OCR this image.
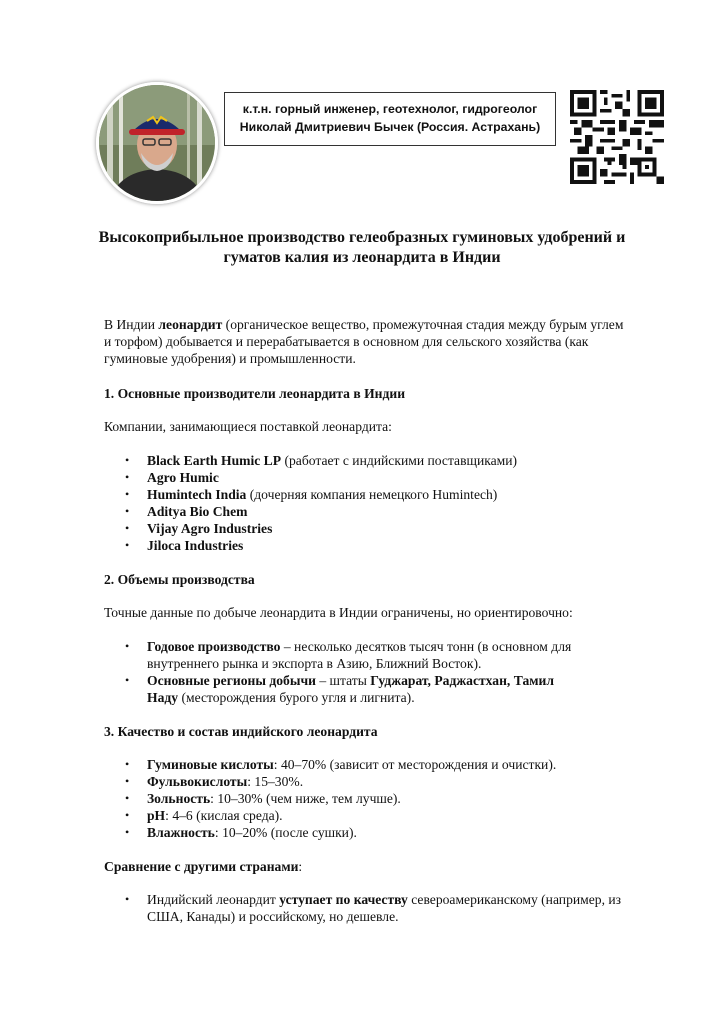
к.т.н. горный инженер, геотехнолог, гидрогеолог
Николай Дмитриевич Бычек (Россия. Астрахань)
Высокоприбыльное производство гелеобразных гуминовых удобрений и
гуматов калия из леонардита в Индии

В Индии леонардит (органическое вещество, промежуточная стадия между бурым углем
и торфом) добывается и перерабатывается в основном для сельского хозяйства (как
гуминовые удобрения) и промышленности.

1. Основные производители леонардита в Индии

Компании, занимающиеся поставкой леонардита:

• Black Earth Humic LP (работает с индийскими поставщиками)
• Agro Humic
• Humintech India (дочерняя компания немецкого Humintech)
• Aditya Bio Chem
• Vijay Agro Industries
• Jiloca Industries

2. Объемы производства

Точные данные по добыче леонардита в Индии ограничены, но ориентировочно:

• Годовое производство – несколько десятков тысяч тонн (в основном для
внутреннего рынка и экспорта в Азию, Ближний Восток).
• Основные регионы добычи – штаты Гуджарат, Раджастхан, Тамил
Наду (месторождения бурого угля и лигнита).

3. Качество и состав индийского леонардита

• Гуминовые кислоты: 40–70% (зависит от месторождения и очистки).
• Фульвокислоты: 15–30%.
• Зольность: 10–30% (чем ниже, тем лучше).
• pH: 4–6 (кислая среда).
• Влажность: 10–20% (после сушки).

Сравнение с другими странами:

• Индийский леонардит уступает по качеству североамериканскому (например, из
США, Канады) и российскому, но дешевле.
